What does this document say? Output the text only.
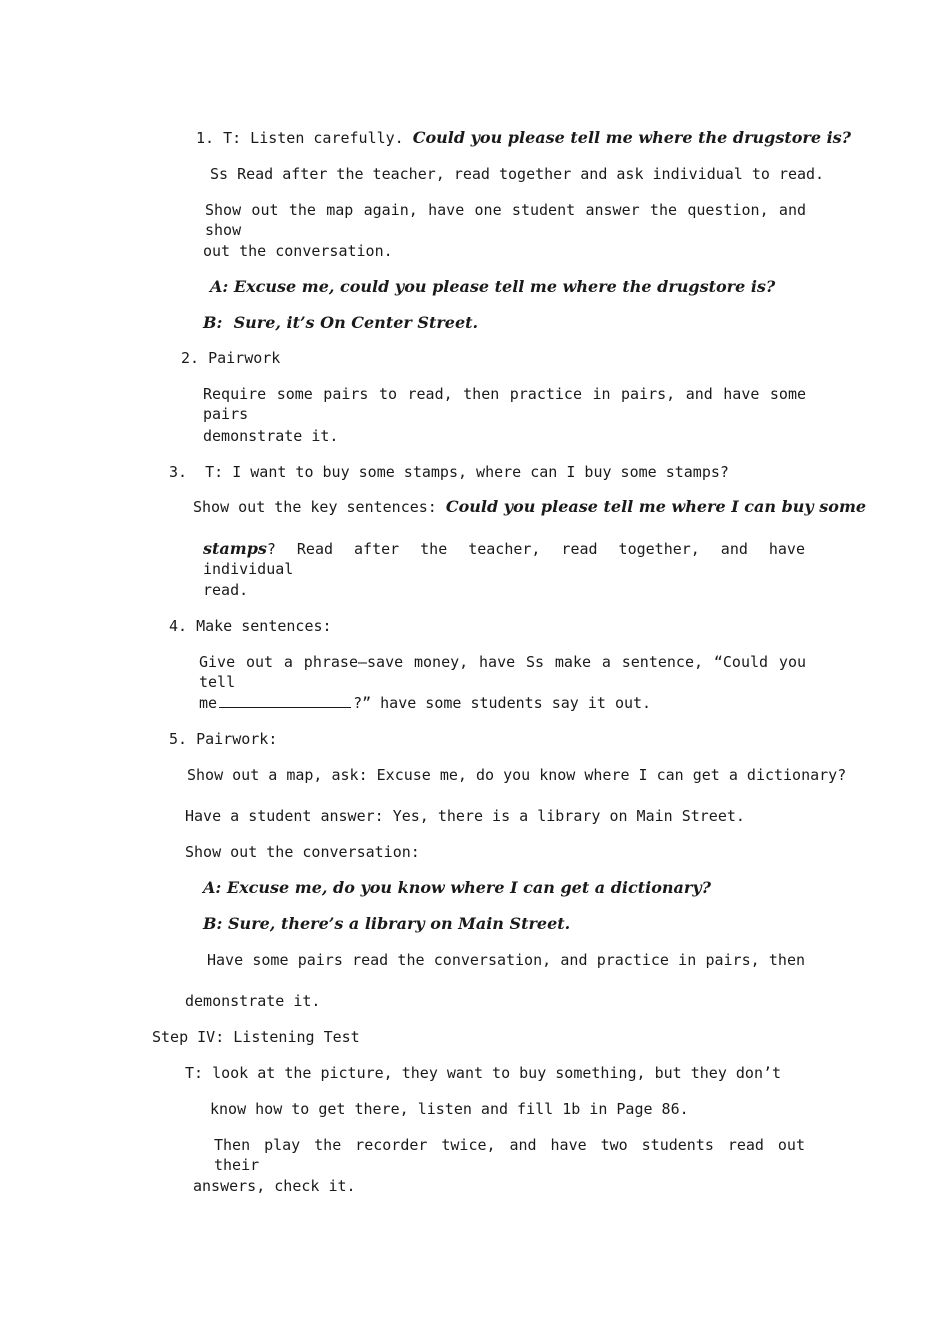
1. T: Listen carefully. Could you please tell me where the drugstore is?
Ss Read after the teacher, read together and ask individual to read.
Show out the map again, have one student answer the question, and show
out the conversation.
A: Excuse me, could you please tell me where the drugstore is?
B:  Sure, it’s On Center Street.
2. Pairwork
Require some pairs to read, then practice in pairs, and have some pairs
demonstrate it.
3.  T: I want to buy some stamps, where can I buy some stamps?
Show out the key sentences: Could you please tell me where I can buy some
stamps? Read after the teacher, read together, and have individual
read.
4. Make sentences:
Give out a phrase—save money, have Ss make a sentence, “Could you tell
me	?” have some students say it out.
5. Pairwork:
Show out a map, ask: Excuse me, do you know where I can get a dictionary?
Have a student answer: Yes, there is a library on Main Street.
Show out the conversation:
A: Excuse me, do you know where I can get a dictionary?
B: Sure, there’s a library on Main Street.
Have some pairs read the conversation, and practice in pairs, then
demonstrate it.
Step IV: Listening Test
T: look at the picture, they want to buy something, but they don’t
know how to get there, listen and fill 1b in Page 86.
Then play the recorder twice, and have two students read out their
answers, check it.
